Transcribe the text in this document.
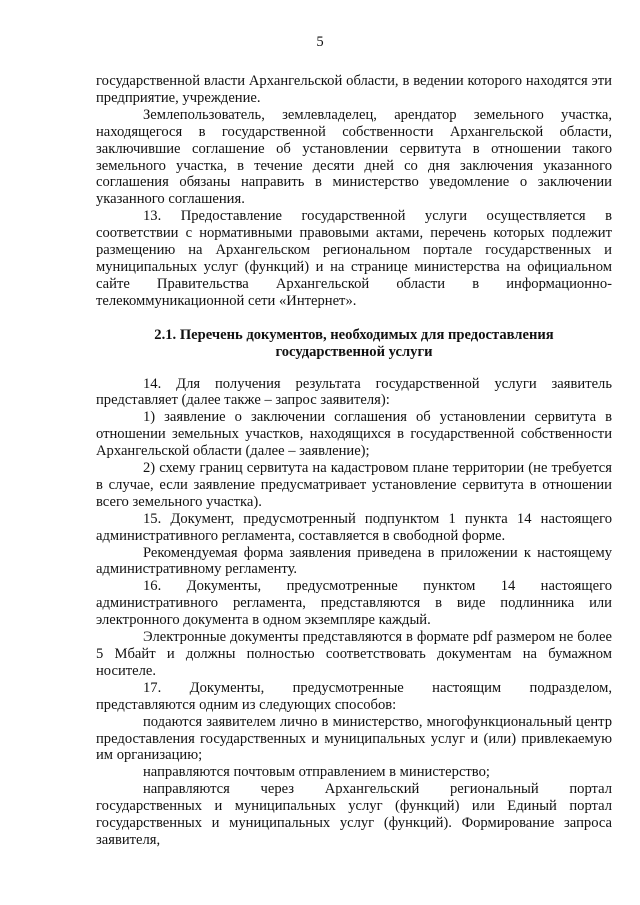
5

государственной власти Архангельской области, в ведении которого находятся эти предприятие, учреждение.

Землепользователь, землевладелец, арендатор земельного участка, находящегося в государственной собственности Архангельской области, заключившие соглашение об установлении сервитута в отношении такого земельного участка, в течение десяти дней со дня заключения указанного соглашения обязаны направить в министерство уведомление о заключении указанного соглашения.

13. Предоставление государственной услуги осуществляется в соответствии с нормативными правовыми актами, перечень которых подлежит размещению на Архангельском региональном портале государственных и муниципальных услуг (функций) и на странице министерства на официальном сайте Правительства Архангельской области в информационно-телекоммуникационной сети «Интернет».

2.1. Перечень документов, необходимых для предоставления государственной услуги

14. Для получения результата государственной услуги заявитель представляет (далее также – запрос заявителя):

1) заявление о заключении соглашения об установлении сервитута в отношении земельных участков, находящихся в государственной собственности Архангельской области (далее – заявление);

2) схему границ сервитута на кадастровом плане территории (не требуется в случае, если заявление предусматривает установление сервитута в отношении всего земельного участка).

15. Документ, предусмотренный подпунктом 1 пункта 14 настоящего административного регламента, составляется в свободной форме.

Рекомендуемая форма заявления приведена в приложении к настоящему административному регламенту.

16. Документы, предусмотренные пунктом 14 настоящего административного регламента, представляются в виде подлинника или электронного документа в одном экземпляре каждый.

Электронные документы представляются в формате pdf размером не более 5 Мбайт и должны полностью соответствовать документам на бумажном носителе.

17. Документы, предусмотренные настоящим подразделом, представляются одним из следующих способов:

подаются заявителем лично в министерство, многофункциональный центр предоставления государственных и муниципальных услуг и (или) привлекаемую им организацию;

направляются почтовым отправлением в министерство;

направляются через Архангельский региональный портал государственных и муниципальных услуг (функций) или Единый портал государственных и муниципальных услуг (функций). Формирование запроса заявителя,
